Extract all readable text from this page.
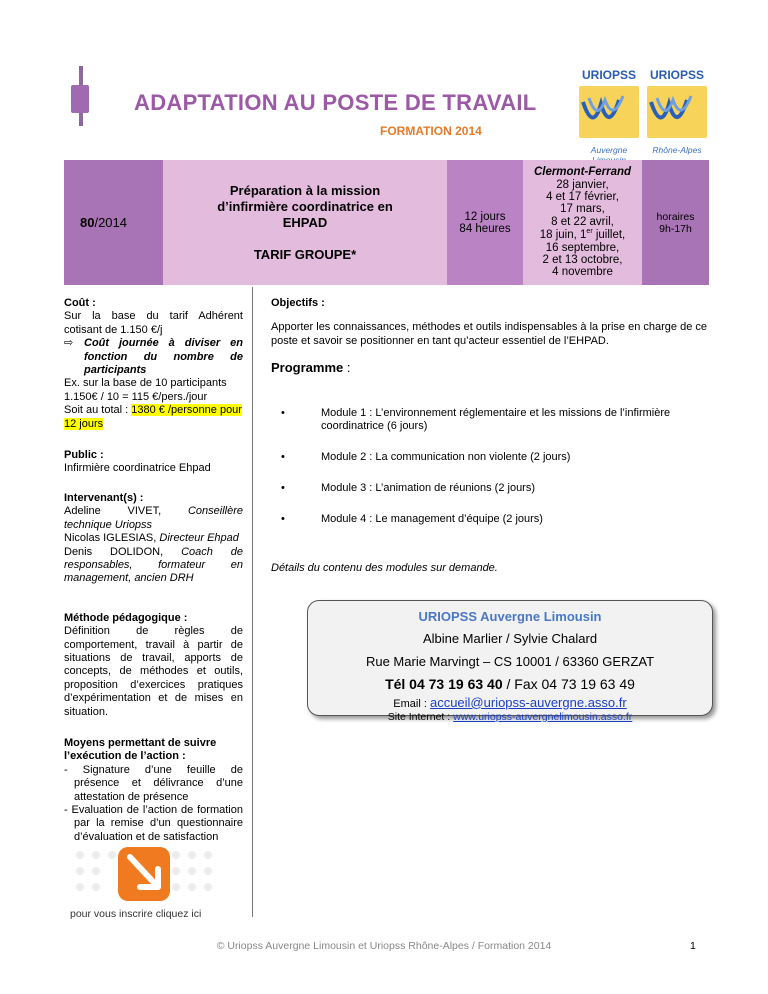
ADAPTATION AU POSTE DE TRAVAIL
FORMATION 2014
URIOPSS
Auvergne
URIOPSS
Rhône-Alpes
80 /2014
Préparation à la mission d’infirmière coordinatrice en EHPAD
TARIF GROUPE*
12 jours
84 heures
Clermont-Ferrand
28 janvier,
4 et 17 février,
17 mars,
8 et 22 avril,
18 juin, 1er juillet,
16 septembre,
2 et 13 octobre,
4 novembre
horaires
9h-17h
Coût :
Sur la base du tarif Adhérent cotisant de 1.150 €/j
⇨ Coût journée à diviser en fonction du nombre de participants
Ex. sur la base de 10 participants
1.150€ / 10 = 115 €/pers./jour
Soit au total : 1380 € /personne pour 12 jours
Public :
Infirmière coordinatrice Ehpad
Intervenant(s) :
Adeline VIVET, Conseillère technique Uriopss
Nicolas IGLESIAS, Directeur Ehpad
Denis DOLIDON, Coach de responsables, formateur en management, ancien DRH
Méthode pédagogique :
Définition de règles de comportement, travail à partir de situations de travail, apports de concepts, de méthodes et outils, proposition d’exercices pratiques d’expérimentation et de mises en situation.
Moyens permettant de suivre l’exécution de l’action :
- Signature d’une feuille de présence et délivrance d’une attestation de présence
- Evaluation de l’action de formation par la remise d’un questionnaire d’évaluation et de satisfaction
Objectifs :
Apporter les connaissances, méthodes et outils indispensables à la prise en charge de ce poste et savoir se positionner en tant qu’acteur essentiel de l’EHPAD.
Programme :
• Module 1 : L’environnement réglementaire et les missions de l’infirmière coordinatrice (6 jours)
• Module 2 : La communication non violente (2 jours)
• Module 3 : L’animation de réunions (2 jours)
• Module 4 : Le management d’équipe (2 jours)
Détails du contenu des modules sur demande.
URIOPSS Auvergne Limousin
Albine Marlier / Sylvie Chalard
Rue Marie Marvingt – CS 10001 / 63360 GERZAT
Tél 04 73 19 63 40 / Fax 04 73 19 63 49
Email : accueil@uriopss-auvergne.asso.fr
Site Internet : www.uriopss-auvergnelimousin.asso.fr
pour vous inscrire cliquez ici
© Uriopss Auvergne Limousin et Uriopss Rhône-Alpes / Formation 2014	1
